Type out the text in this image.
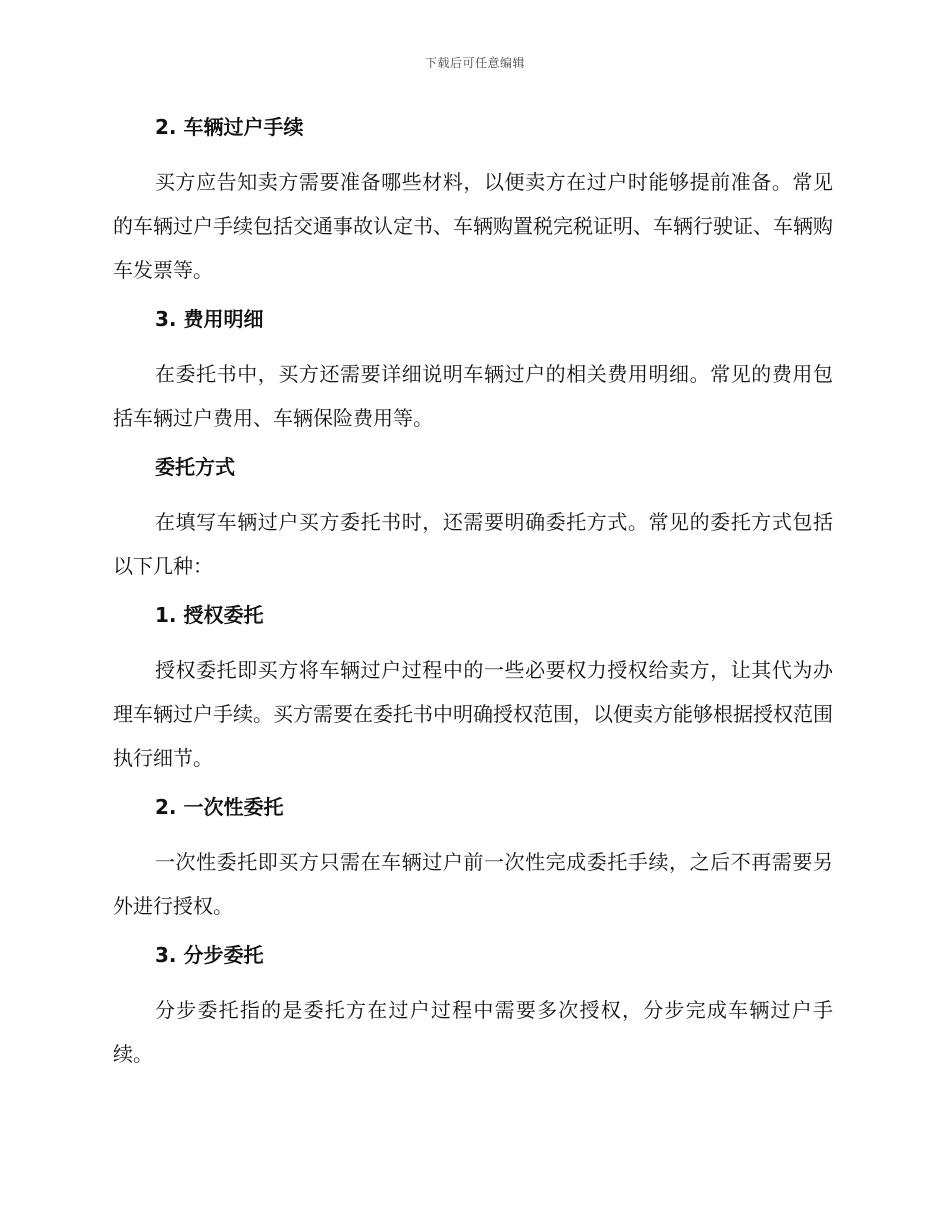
下载后可任意编辑
2. 车辆过户手续

买方应告知卖方需要准备哪些材料，以便卖方在过户时能够提前准备。常见的车辆过户手续包括交通事故认定书、车辆购置税完税证明、车辆行驶证、车辆购车发票等。

3. 费用明细

在委托书中，买方还需要详细说明车辆过户的相关费用明细。常见的费用包括车辆过户费用、车辆保险费用等。

委托方式

在填写车辆过户买方委托书时，还需要明确委托方式。常见的委托方式包括以下几种：

1. 授权委托

授权委托即买方将车辆过户过程中的一些必要权力授权给卖方，让其代为办理车辆过户手续。买方需要在委托书中明确授权范围，以便卖方能够根据授权范围执行细节。

2. 一次性委托

一次性委托即买方只需在车辆过户前一次性完成委托手续，之后不再需要另外进行授权。

3. 分步委托

分步委托指的是委托方在过户过程中需要多次授权，分步完成车辆过户手续。
